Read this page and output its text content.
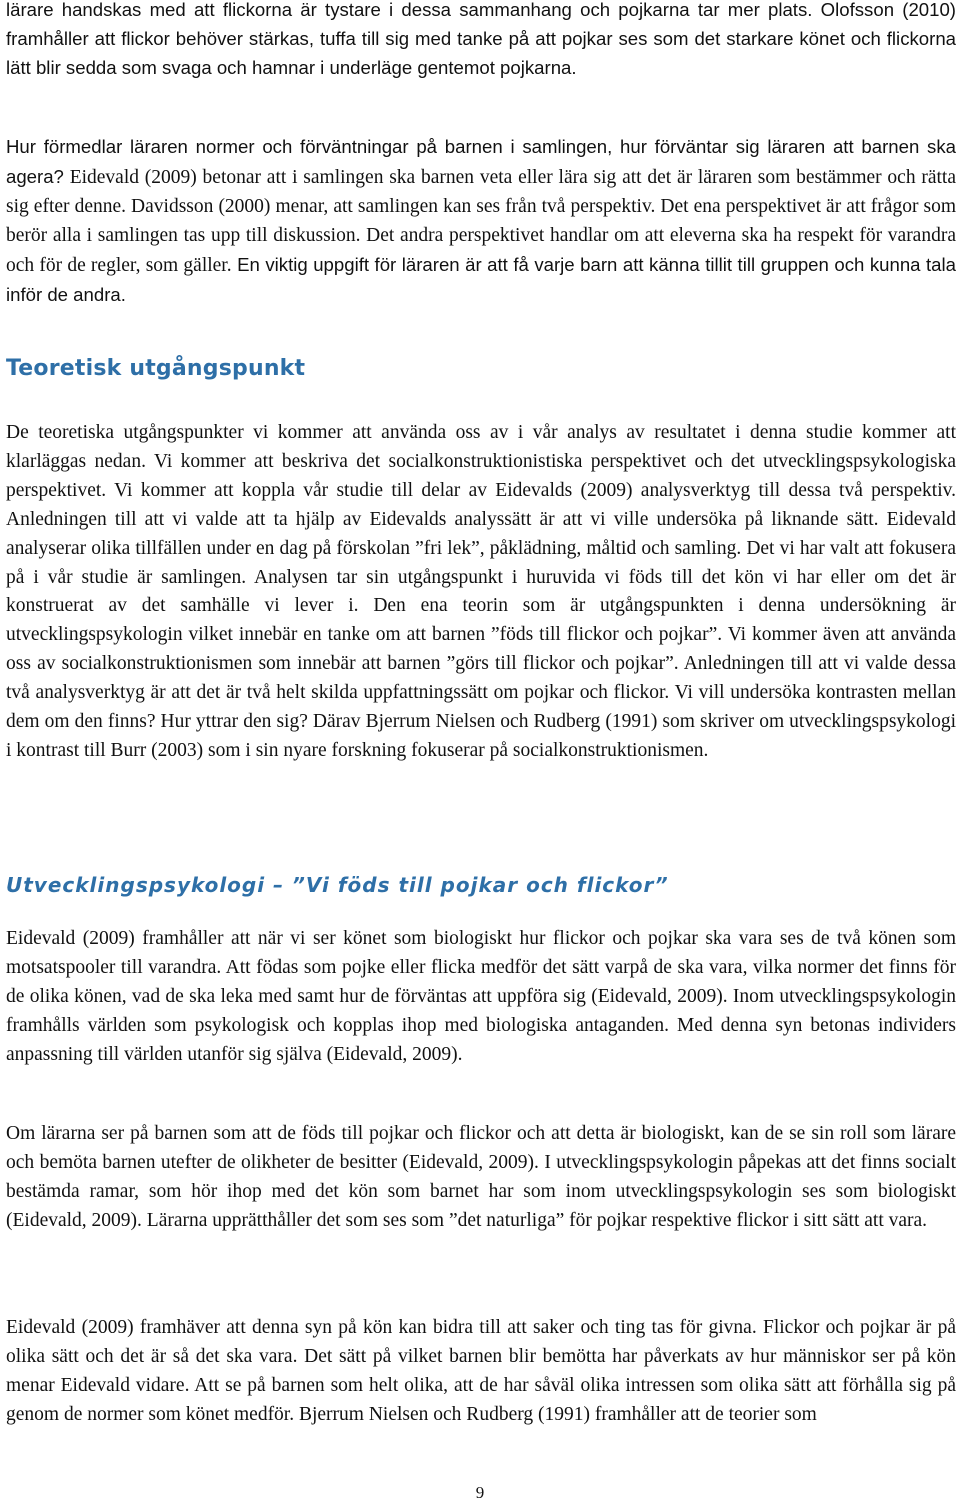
lärare handskas med att flickorna är tystare i dessa sammanhang och pojkarna tar mer plats. Olofsson (2010) framhåller att flickor behöver stärkas, tuffa till sig med tanke på att pojkar ses som det starkare könet och flickorna lätt blir sedda som svaga och hamnar i underläge gentemot pojkarna.

Hur förmedlar läraren normer och förväntningar på barnen i samlingen, hur förväntar sig läraren att barnen ska agera? Eidevald (2009) betonar att i samlingen ska barnen veta eller lära sig att det är läraren som bestämmer och rätta sig efter denne. Davidsson (2000) menar, att samlingen kan ses från två perspektiv. Det ena perspektivet är att frågor som berör alla i samlingen tas upp till diskussion. Det andra perspektivet handlar om att eleverna ska ha respekt för varandra och för de regler, som gäller. En viktig uppgift för läraren är att få varje barn att känna tillit till gruppen och kunna tala inför de andra.

Teoretisk utgångspunkt

De teoretiska utgångspunkter vi kommer att använda oss av i vår analys av resultatet i denna studie kommer att klarläggas nedan. Vi kommer att beskriva det socialkonstruktionistiska perspektivet och det utvecklingspsykologiska perspektivet. Vi kommer att koppla vår studie till delar av Eidevalds (2009) analysverktyg till dessa två perspektiv. Anledningen till att vi valde att ta hjälp av Eidevalds analyssätt är att vi ville undersöka på liknande sätt. Eidevald analyserar olika tillfällen under en dag på förskolan ”fri lek”, påklädning, måltid och samling. Det vi har valt att fokusera på i vår studie är samlingen. Analysen tar sin utgångspunkt i huruvida vi föds till det kön vi har eller om det är konstruerat av det samhälle vi lever i. Den ena teorin som är utgångspunkten i denna undersökning är utvecklingspsykologin vilket innebär en tanke om att barnen ”föds till flickor och pojkar”. Vi kommer även att använda oss av socialkonstruktionismen som innebär att barnen ”görs till flickor och pojkar”. Anledningen till att vi valde dessa två analysverktyg är att det är två helt skilda uppfattningssätt om pojkar och flickor. Vi vill undersöka kontrasten mellan dem om den finns? Hur yttrar den sig? Därav Bjerrum Nielsen och Rudberg (1991) som skriver om utvecklingspsykologi i kontrast till Burr (2003) som i sin nyare forskning fokuserar på socialkonstruktionismen.

Utvecklingspsykologi – ”Vi föds till pojkar och flickor”

Eidevald (2009) framhåller att när vi ser könet som biologiskt hur flickor och pojkar ska vara ses de två könen som motsatspooler till varandra. Att födas som pojke eller flicka medför det sätt varpå de ska vara, vilka normer det finns för de olika könen, vad de ska leka med samt hur de förväntas att uppföra sig (Eidevald, 2009). Inom utvecklingspsykologin framhålls världen som psykologisk och kopplas ihop med biologiska antaganden. Med denna syn betonas individers anpassning till världen utanför sig själva (Eidevald, 2009).

Om lärarna ser på barnen som att de föds till pojkar och flickor och att detta är biologiskt, kan de se sin roll som lärare och bemöta barnen utefter de olikheter de besitter (Eidevald, 2009). I utvecklingspsykologin påpekas att det finns socialt bestämda ramar, som hör ihop med det kön som barnet har som inom utvecklingspsykologin ses som biologiskt (Eidevald, 2009). Lärarna upprätthåller det som ses som ”det naturliga” för pojkar respektive flickor i sitt sätt att vara.

Eidevald (2009) framhäver att denna syn på kön kan bidra till att saker och ting tas för givna. Flickor och pojkar är på olika sätt och det är så det ska vara. Det sätt på vilket barnen blir bemötta har påverkats av hur människor ser på kön menar Eidevald vidare. Att se på barnen som helt olika, att de har såväl olika intressen som olika sätt att förhålla sig på genom de normer som könet medför. Bjerrum Nielsen och Rudberg (1991) framhåller att de teorier som

9
